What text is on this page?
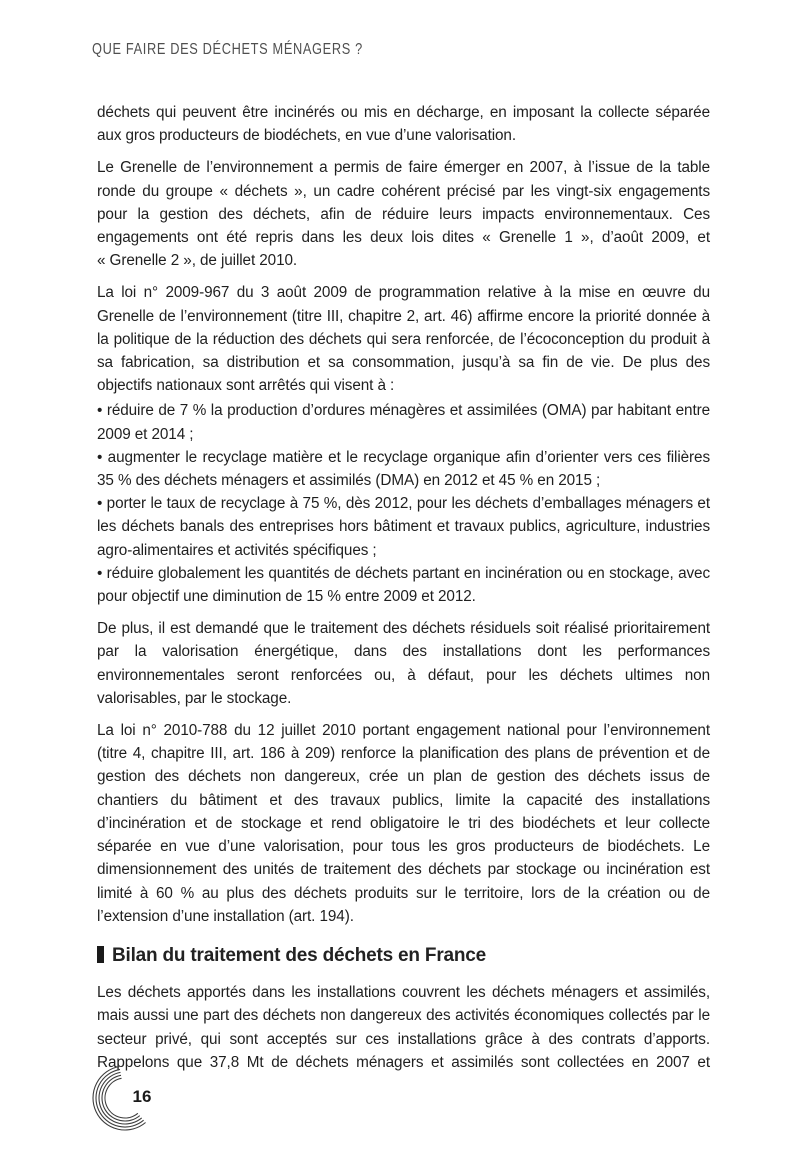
QUE FAIRE DES DÉCHETS MÉNAGERS ?

déchets qui peuvent être incinérés ou mis en décharge, en imposant la collecte séparée aux gros producteurs de biodéchets, en vue d’une valorisation.

Le Grenelle de l’environnement a permis de faire émerger en 2007, à l’issue de la table ronde du groupe « déchets », un cadre cohérent précisé par les vingt-six engagements pour la gestion des déchets, afin de réduire leurs impacts environnementaux. Ces engagements ont été repris dans les deux lois dites « Grenelle 1 », d’août 2009, et « Grenelle 2 », de juillet 2010.

La loi n° 2009-967 du 3 août 2009 de programmation relative à la mise en œuvre du Grenelle de l’environnement (titre III, chapitre 2, art. 46) affirme encore la priorité donnée à la politique de la réduction des déchets qui sera renforcée, de l’écoconception du produit à sa fabrication, sa distribution et sa consommation, jusqu’à sa fin de vie. De plus des objectifs nationaux sont arrêtés qui visent à :

• réduire de 7 % la production d’ordures ménagères et assimilées (OMA) par habitant entre 2009 et 2014 ;

• augmenter le recyclage matière et le recyclage organique afin d’orienter vers ces filières 35 % des déchets ménagers et assimilés (DMA) en 2012 et 45 % en 2015 ;

• porter le taux de recyclage à 75 %, dès 2012, pour les déchets d’emballages ménagers et les déchets banals des entreprises hors bâtiment et travaux publics, agriculture, industries agro-alimentaires et activités spécifiques ;

• réduire globalement les quantités de déchets partant en incinération ou en stockage, avec pour objectif une diminution de 15 % entre 2009 et 2012.

De plus, il est demandé que le traitement des déchets résiduels soit réalisé prioritairement par la valorisation énergétique, dans des installations dont les performances environnementales seront renforcées ou, à défaut, pour les déchets ultimes non valorisables, par le stockage.

La loi n° 2010-788 du 12 juillet 2010 portant engagement national pour l’environnement (titre 4, chapitre III, art. 186 à 209) renforce la planification des plans de prévention et de gestion des déchets non dangereux, crée un plan de gestion des déchets issus de chantiers du bâtiment et des travaux publics, limite la capacité des installations d’incinération et de stockage et rend obligatoire le tri des biodéchets et leur collecte séparée en vue d’une valorisation, pour tous les gros producteurs de biodéchets. Le dimensionnement des unités de traitement des déchets par stockage ou incinération est limité à 60 % au plus des déchets produits sur le territoire, lors de la création ou de l’extension d’une installation (art. 194).

Bilan du traitement des déchets en France

Les déchets apportés dans les installations couvrent les déchets ménagers et assimilés, mais aussi une part des déchets non dangereux des activités économiques collectés par le secteur privé, qui sont acceptés sur ces installations grâce à des contrats d’apports. Rappelons que 37,8 Mt de déchets ménagers et assimilés sont collectées en 2007 et

16
